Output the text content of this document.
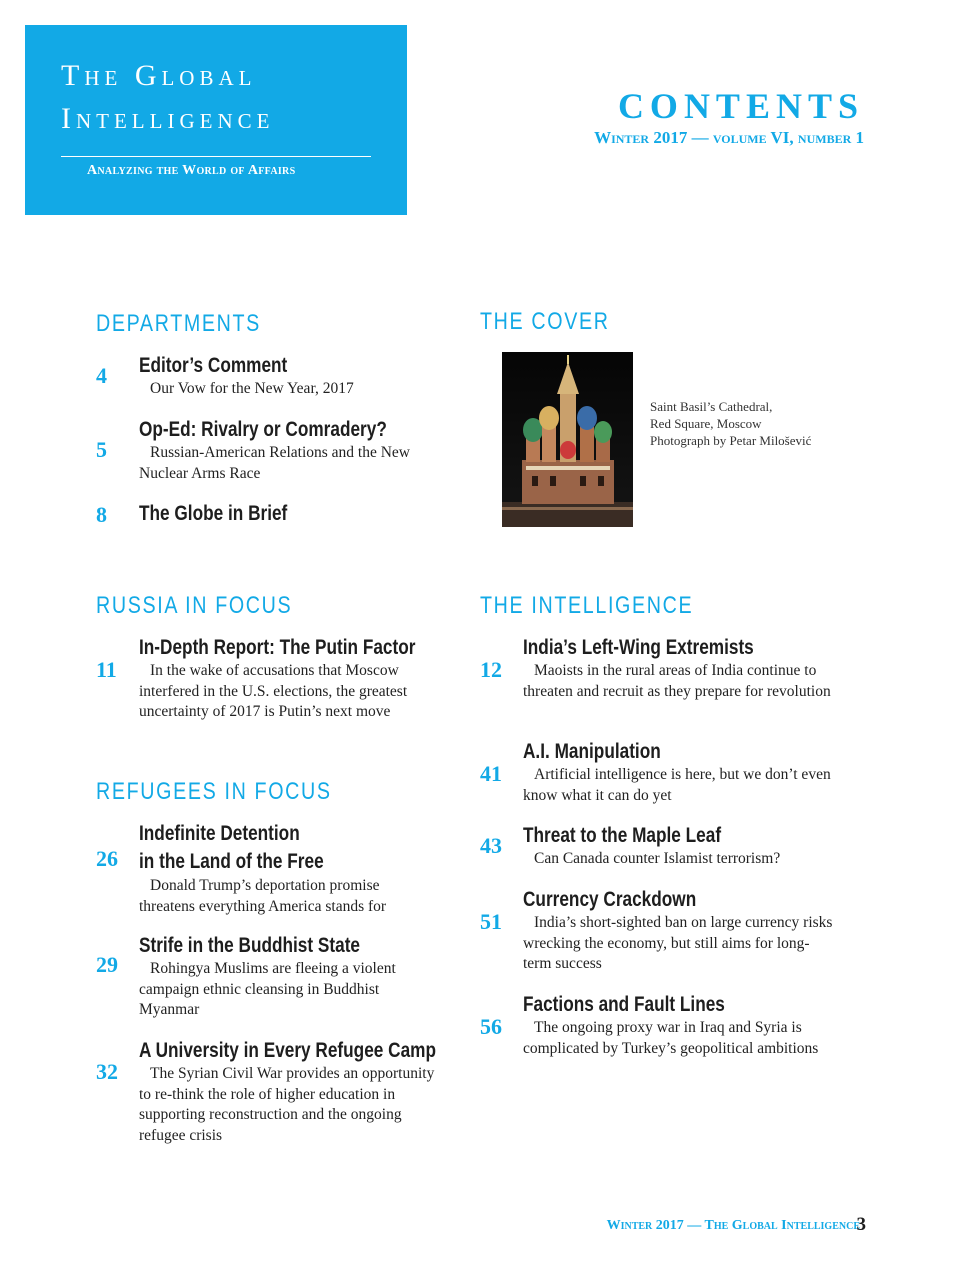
The Global
Intelligence
Analyzing the World of Affairs
CONTENTS
Winter 2017 — volume VI, number 1
DEPARTMENTS
4 Editor’s Comment
Our Vow for the New Year, 2017
5
Op-Ed: Rivalry or Comradery?
Russian-American Relations and the New Nuclear Arms Race
8 The Globe in Brief
THE COVER
Saint Basil’s Cathedral,
Red Square, Moscow
Photograph by Petar Milošević
RUSSIA IN FOCUS
11
In-Depth Report: The Putin Factor
In the wake of accusations that Moscow interfered in the U.S. elections, the greatest uncertainty of 2017 is Putin’s next move
REFUGEES IN FOCUS
26
Indefinite Detention
in the Land of the Free
Donald Trump’s deportation promise threatens everything America stands for
29
Strife in the Buddhist State
Rohingya Muslims are fleeing a violent campaign ethnic cleansing in Buddhist Myanmar
32
A University in Every Refugee Camp
The Syrian Civil War provides an opportunity to re-think the role of higher education in supporting reconstruction and the ongoing refugee crisis
THE INTELLIGENCE
12
India’s Left-Wing Extremists
Maoists in the rural areas of India continue to threaten and recruit as they prepare for revolution
41
A.I. Manipulation
Artificial intelligence is here, but we don’t even know what it can do yet
43 Threat to the Maple Leaf
Can Canada counter Islamist terrorism?
51
Currency Crackdown
India’s short-sighted ban on large currency risks wrecking the economy, but still aims for long-term success
56
Factions and Fault Lines
The ongoing proxy war in Iraq and Syria is complicated by Turkey’s geopolitical ambitions
Winter 2017 — The Global Intelligence
3
